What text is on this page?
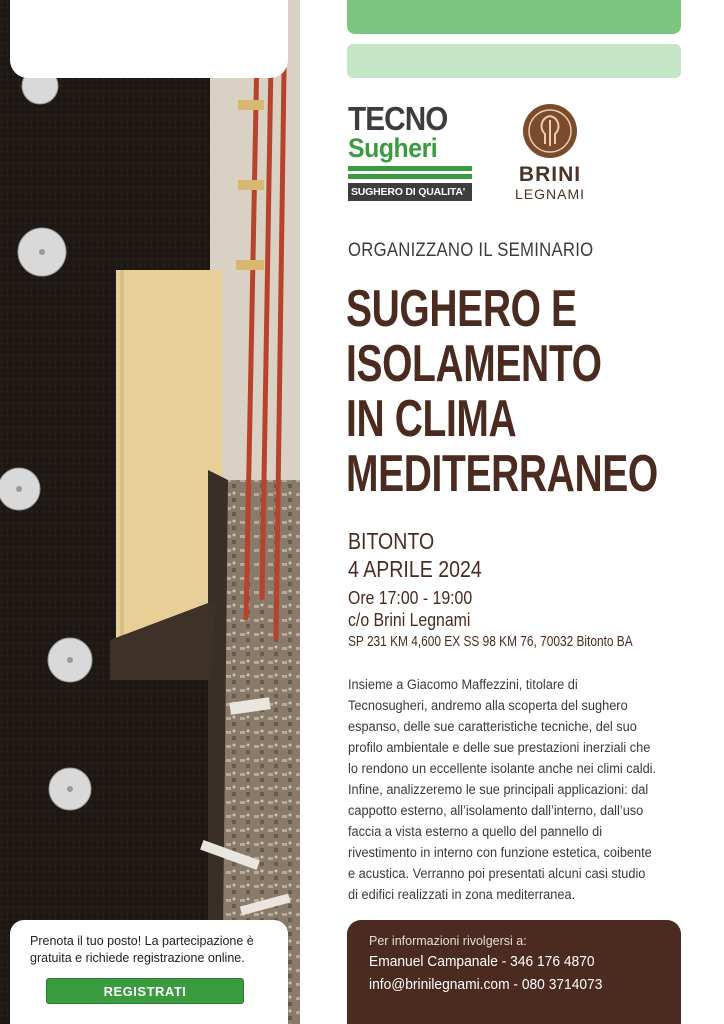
TECNO
Sugheri
SUGHERO DI QUALITA'
BRINI
LEGNAMI
ORGANIZZANO IL SEMINARIO
SUGHERO E
ISOLAMENTO
IN CLIMA
MEDITERRANEO
BITONTO
4 APRILE 2024
Ore 17:00 - 19:00
c/o Brini Legnami
SP 231 KM 4,600 EX SS 98 KM 76, 70032 Bitonto BA
Insieme a Giacomo Maffezzini, titolare di
Tecnosugheri, andremo alla scoperta del sughero
espanso, delle sue caratteristiche tecniche, del suo
profilo ambientale e delle sue prestazioni inerziali che
lo rendono un eccellente isolante anche nei climi caldi.
Infine, analizzeremo le sue principali applicazioni: dal
cappotto esterno, all’isolamento dall’interno, dall’uso
faccia a vista esterno a quello del pannello di
rivestimento in interno con funzione estetica, coibente
e acustica. Verranno poi presentati alcuni casi studio
di edifici realizzati in zona mediterranea.
Prenota il tuo posto! La partecipazione è gratuita e richiede registrazione online.
REGISTRATI
Per informazioni rivolgersi a:
Emanuel Campanale - 346 176 4870
info@brinilegnami.com - 080 3714073
